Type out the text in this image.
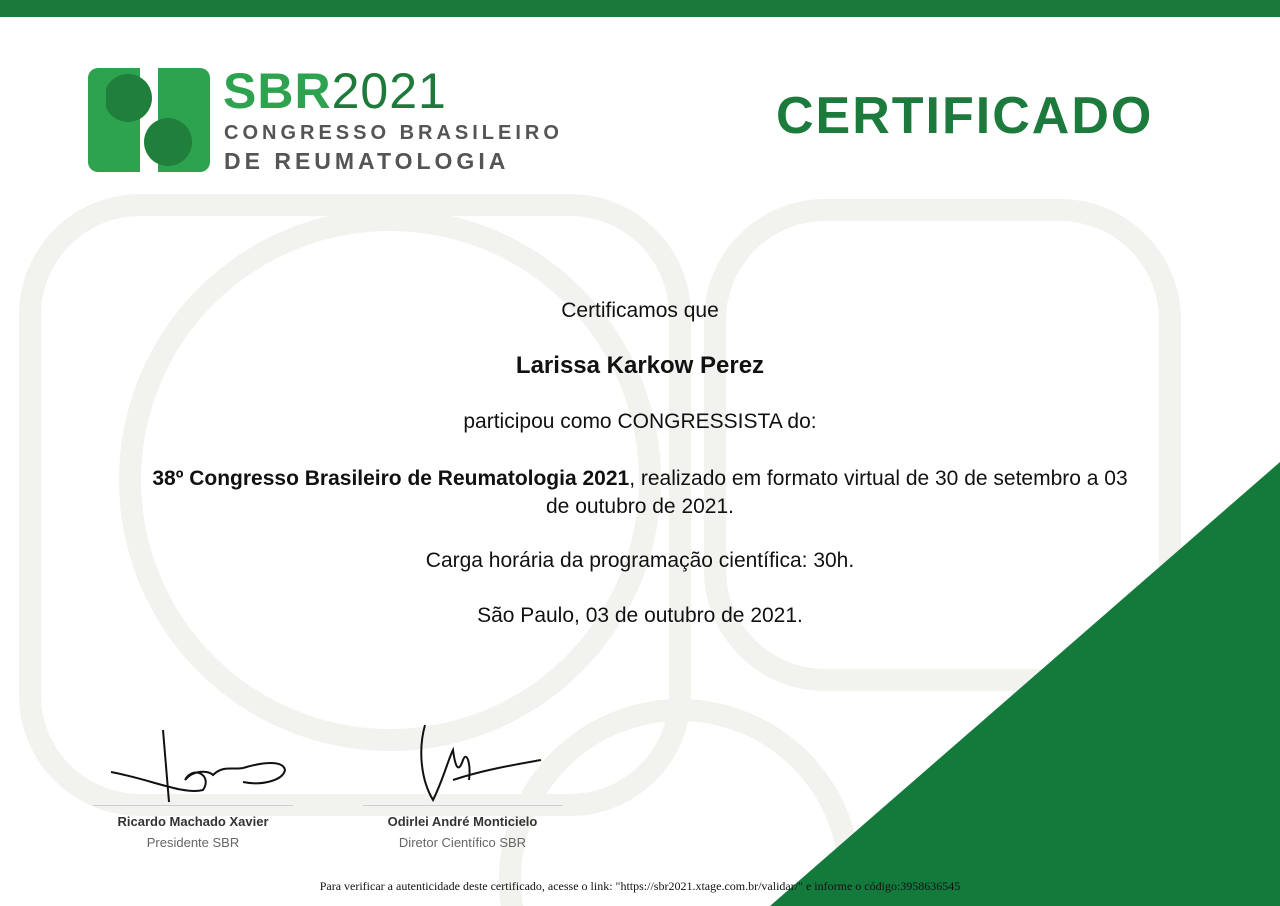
SBR2021
CONGRESSO BRASILEIRO
DE REUMATOLOGIA
CERTIFICADO
Certificamos que
Larissa Karkow Perez
participou como CONGRESSISTA do:
38º Congresso Brasileiro de Reumatologia 2021, realizado em formato virtual de 30 de setembro a 03 de outubro de 2021.
Carga horária da programação científica: 30h.
São Paulo, 03 de outubro de 2021.
Ricardo Machado Xavier
Presidente SBR
Odirlei André Monticielo
Diretor Científico SBR
Para verificar a autenticidade deste certificado, acesse o link: "https://sbr2021.xtage.com.br/validar/" e informe o código:3958636545
